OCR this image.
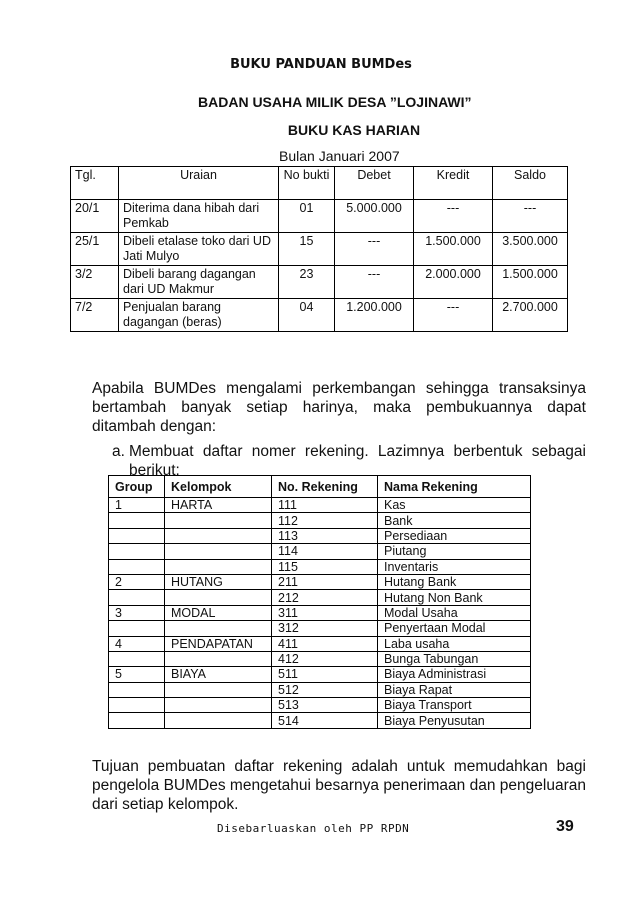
BUKU PANDUAN BUMDes
BADAN USAHA MILIK DESA ”LOJINAWI”
BUKU KAS HARIAN
Bulan Januari 2007
Tgl.	Uraian	No bukti	Debet	Kredit	Saldo
20/1	Diterima dana hibah dari Pemkab	01	5.000.000	---	---
25/1	Dibeli etalase toko dari UD Jati Mulyo	15	---	1.500.000	3.500.000
3/2	Dibeli barang dagangan dari UD Makmur	23	---	2.000.000	1.500.000
7/2	Penjualan barang dagangan (beras)	04	1.200.000	---	2.700.000
Apabila BUMDes mengalami perkembangan sehingga transaksinya bertambah banyak setiap harinya, maka pembukuannya dapat ditambah dengan:
a. Membuat daftar nomer rekening. Lazimnya berbentuk sebagai berikut:
Group	Kelompok	No. Rekening	Nama Rekening
1	HARTA	111	Kas
		112	Bank
		113	Persediaan
		114	Piutang
		115	Inventaris
2	HUTANG	211	Hutang Bank
		212	Hutang Non Bank
3	MODAL	311	Modal Usaha
		312	Penyertaan Modal
4	PENDAPATAN	411	Laba usaha
		412	Bunga Tabungan
5	BIAYA	511	Biaya Administrasi
		512	Biaya Rapat
		513	Biaya Transport
		514	Biaya Penyusutan
Tujuan pembuatan daftar rekening adalah untuk memudahkan bagi pengelola BUMDes mengetahui besarnya penerimaan dan pengeluaran dari setiap kelompok.
Disebarluaskan oleh PP RPDN	39
